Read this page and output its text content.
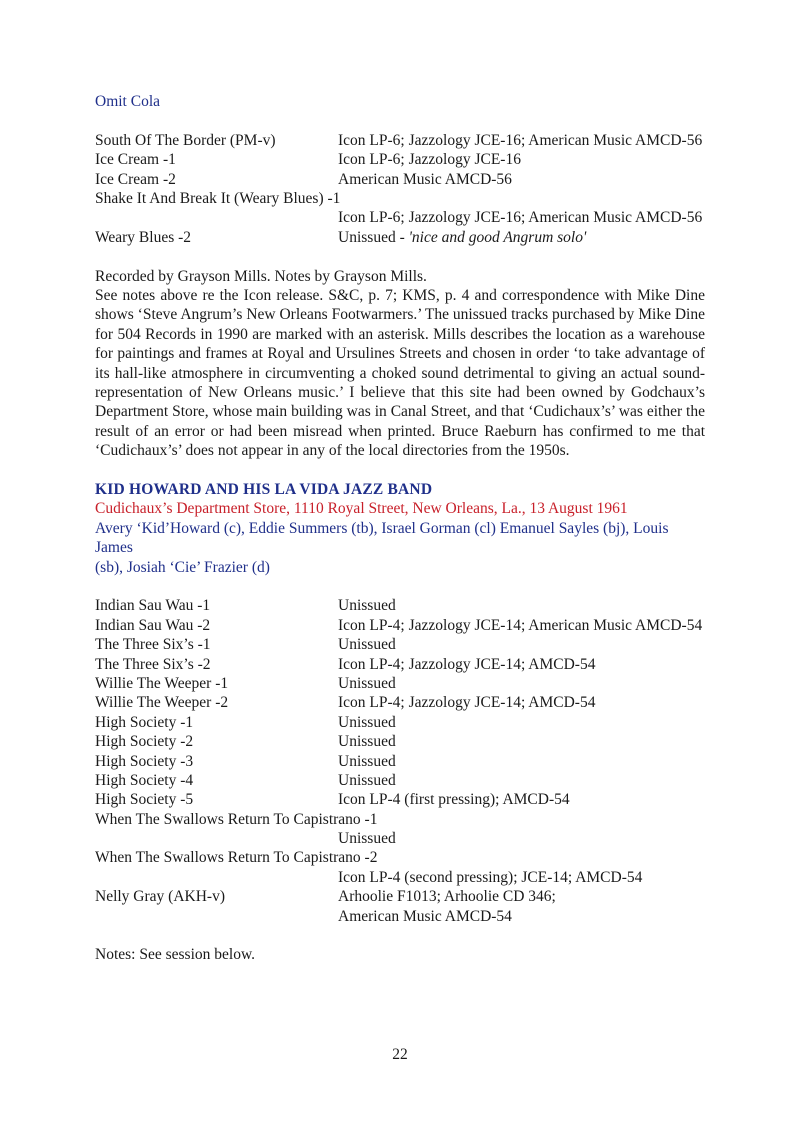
Omit Cola
South Of The Border (PM-v)	Icon LP-6; Jazzology JCE-16; American Music AMCD-56
Ice Cream -1	Icon LP-6; Jazzology JCE-16
Ice Cream -2	American Music AMCD-56
Shake It And Break It (Weary Blues) -1
Icon LP-6; Jazzology JCE-16; American Music AMCD-56
Weary Blues -2	Unissued - 'nice and good Angrum solo'

Recorded by Grayson Mills. Notes by Grayson Mills.

See notes above re the Icon release. S&C, p. 7; KMS, p. 4 and correspondence with Mike Dine shows ‘Steve Angrum’s New Orleans Footwarmers.’ The unissued tracks purchased by Mike Dine for 504 Records in 1990 are marked with an asterisk. Mills describes the location as a warehouse for paintings and frames at Royal and Ursulines Streets and chosen in order ‘to take advantage of its hall-like atmosphere in circumventing a choked sound detrimental to giving an actual sound-representation of New Orleans music.’ I believe that this site had been owned by Godchaux’s Department Store, whose main building was in Canal Street, and that ‘Cudichaux’s’ was either the result of an error or had been misread when printed. Bruce Raeburn has confirmed to me that ‘Cudichaux’s’ does not appear in any of the local directories from the 1950s.

KID HOWARD AND HIS LA VIDA JAZZ BAND
Cudichaux’s Department Store, 1110 Royal Street, New Orleans, La., 13 August 1961
Avery ‘Kid’Howard (c), Eddie Summers (tb), Israel Gorman (cl) Emanuel Sayles (bj), Louis James
(sb), Josiah ‘Cie’ Frazier (d)
Indian Sau Wau -1	Unissued
Indian Sau Wau -2	Icon LP-4; Jazzology JCE-14; American Music AMCD-54
The Three Six’s -1	Unissued
The Three Six’s -2	Icon LP-4; Jazzology JCE-14; AMCD-54
Willie The Weeper -1	Unissued
Willie The Weeper -2	Icon LP-4; Jazzology JCE-14; AMCD-54
High Society -1	Unissued
High Society -2	Unissued
High Society -3	Unissued
High Society -4	Unissued
High Society -5	Icon LP-4 (first pressing); AMCD-54
When The Swallows Return To Capistrano -1
Unissued
When The Swallows Return To Capistrano -2
Icon LP-4 (second pressing); JCE-14; AMCD-54
Nelly Gray (AKH-v)	Arhoolie F1013; Arhoolie CD 346;
American Music AMCD-54
Notes: See session below.
22
